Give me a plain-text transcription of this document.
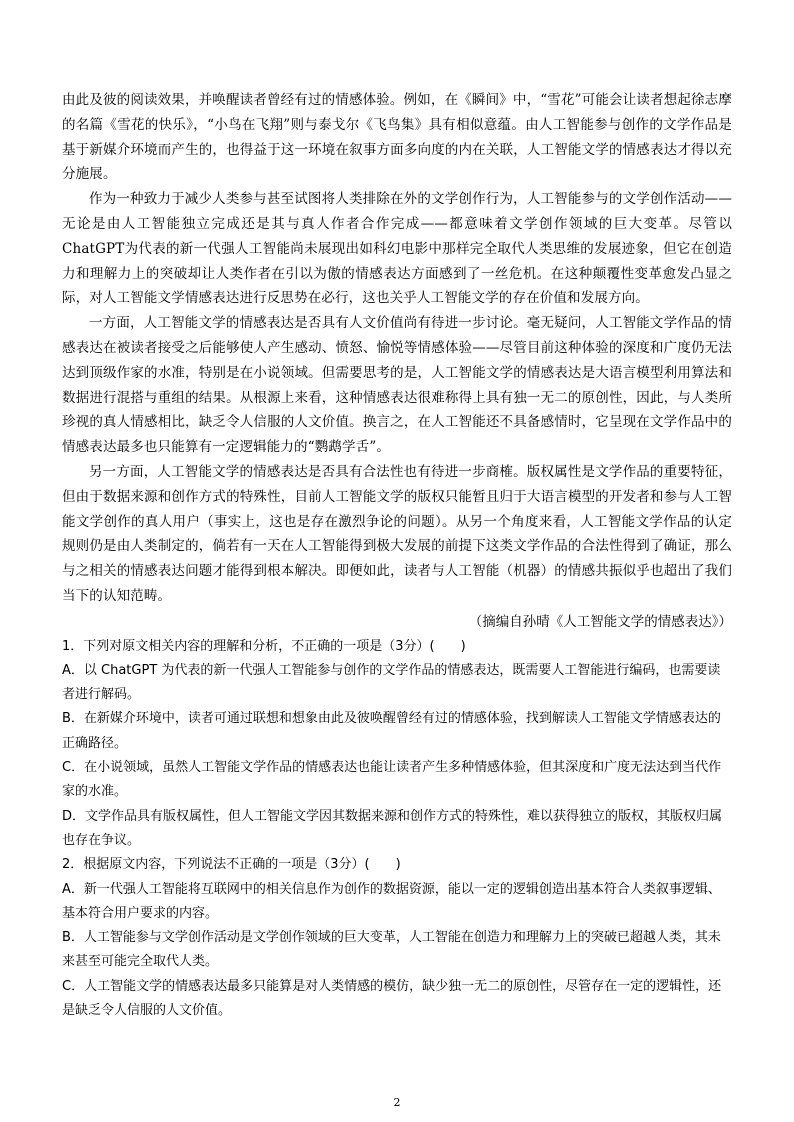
由此及彼的阅读效果，并唤醒读者曾经有过的情感体验。例如，在《瞬间》中，“雪花”可能会让读者想起徐志摩的名篇《雪花的快乐》，“小鸟在飞翔”则与泰戈尔《飞鸟集》具有相似意蕴。由人工智能参与创作的文学作品是基于新媒介环境而产生的，也得益于这一环境在叙事方面多向度的内在关联，人工智能文学的情感表达才得以充分施展。

作为一种致力于减少人类参与甚至试图将人类排除在外的文学创作行为，人工智能参与的文学创作活动——无论是由人工智能独立完成还是其与真人作者合作完成——都意味着文学创作领域的巨大变革。尽管以ChatGPT为代表的新一代强人工智能尚未展现出如科幻电影中那样完全取代人类思维的发展迹象，但它在创造力和理解力上的突破却让人类作者在引以为傲的情感表达方面感到了一丝危机。在这种颠覆性变革愈发凸显之际，对人工智能文学情感表达进行反思势在必行，这也关乎人工智能文学的存在价值和发展方向。

一方面，人工智能文学的情感表达是否具有人文价值尚有待进一步讨论。毫无疑问，人工智能文学作品的情感表达在被读者接受之后能够使人产生感动、愤怒、愉悦等情感体验——尽管目前这种体验的深度和广度仍无法达到顶级作家的水准，特别是在小说领域。但需要思考的是，人工智能文学的情感表达是大语言模型利用算法和数据进行混搭与重组的结果。从根源上来看，这种情感表达很难称得上具有独一无二的原创性，因此，与人类所珍视的真人情感相比，缺乏令人信服的人文价值。换言之，在人工智能还不具备感情时，它呈现在文学作品中的情感表达最多也只能算有一定逻辑能力的“鹦鹉学舌”。

另一方面，人工智能文学的情感表达是否具有合法性也有待进一步商榷。版权属性是文学作品的重要特征，但由于数据来源和创作方式的特殊性，目前人工智能文学的版权只能暂且归于大语言模型的开发者和参与人工智能文学创作的真人用户（事实上，这也是存在激烈争论的问题）。从另一个角度来看，人工智能文学作品的认定规则仍是由人类制定的，倘若有一天在人工智能得到极大发展的前提下这类文学作品的合法性得到了确证，那么与之相关的情感表达问题才能得到根本解决。即便如此，读者与人工智能（机器）的情感共振似乎也超出了我们当下的认知范畴。

（摘编自孙晴《人工智能文学的情感表达》）

1．下列对原文相关内容的理解和分析，不正确的一项是（3分）(　　)

A．以 ChatGPT 为代表的新一代强人工智能参与创作的文学作品的情感表达，既需要人工智能进行编码，也需要读者进行解码。

B．在新媒介环境中，读者可通过联想和想象由此及彼唤醒曾经有过的情感体验，找到解读人工智能文学情感表达的正确路径。

C．在小说领域，虽然人工智能文学作品的情感表达也能让读者产生多种情感体验，但其深度和广度无法达到当代作家的水准。

D．文学作品具有版权属性，但人工智能文学因其数据来源和创作方式的特殊性，难以获得独立的版权，其版权归属也存在争议。

2．根据原文内容，下列说法不正确的一项是（3分）(　　)

A．新一代强人工智能将互联网中的相关信息作为创作的数据资源，能以一定的逻辑创造出基本符合人类叙事逻辑、基本符合用户要求的内容。

B．人工智能参与文学创作活动是文学创作领域的巨大变革，人工智能在创造力和理解力上的突破已超越人类，其未来甚至可能完全取代人类。

C．人工智能文学的情感表达最多只能算是对人类情感的模仿，缺少独一无二的原创性，尽管存在一定的逻辑性，还是缺乏令人信服的人文价值。

2
